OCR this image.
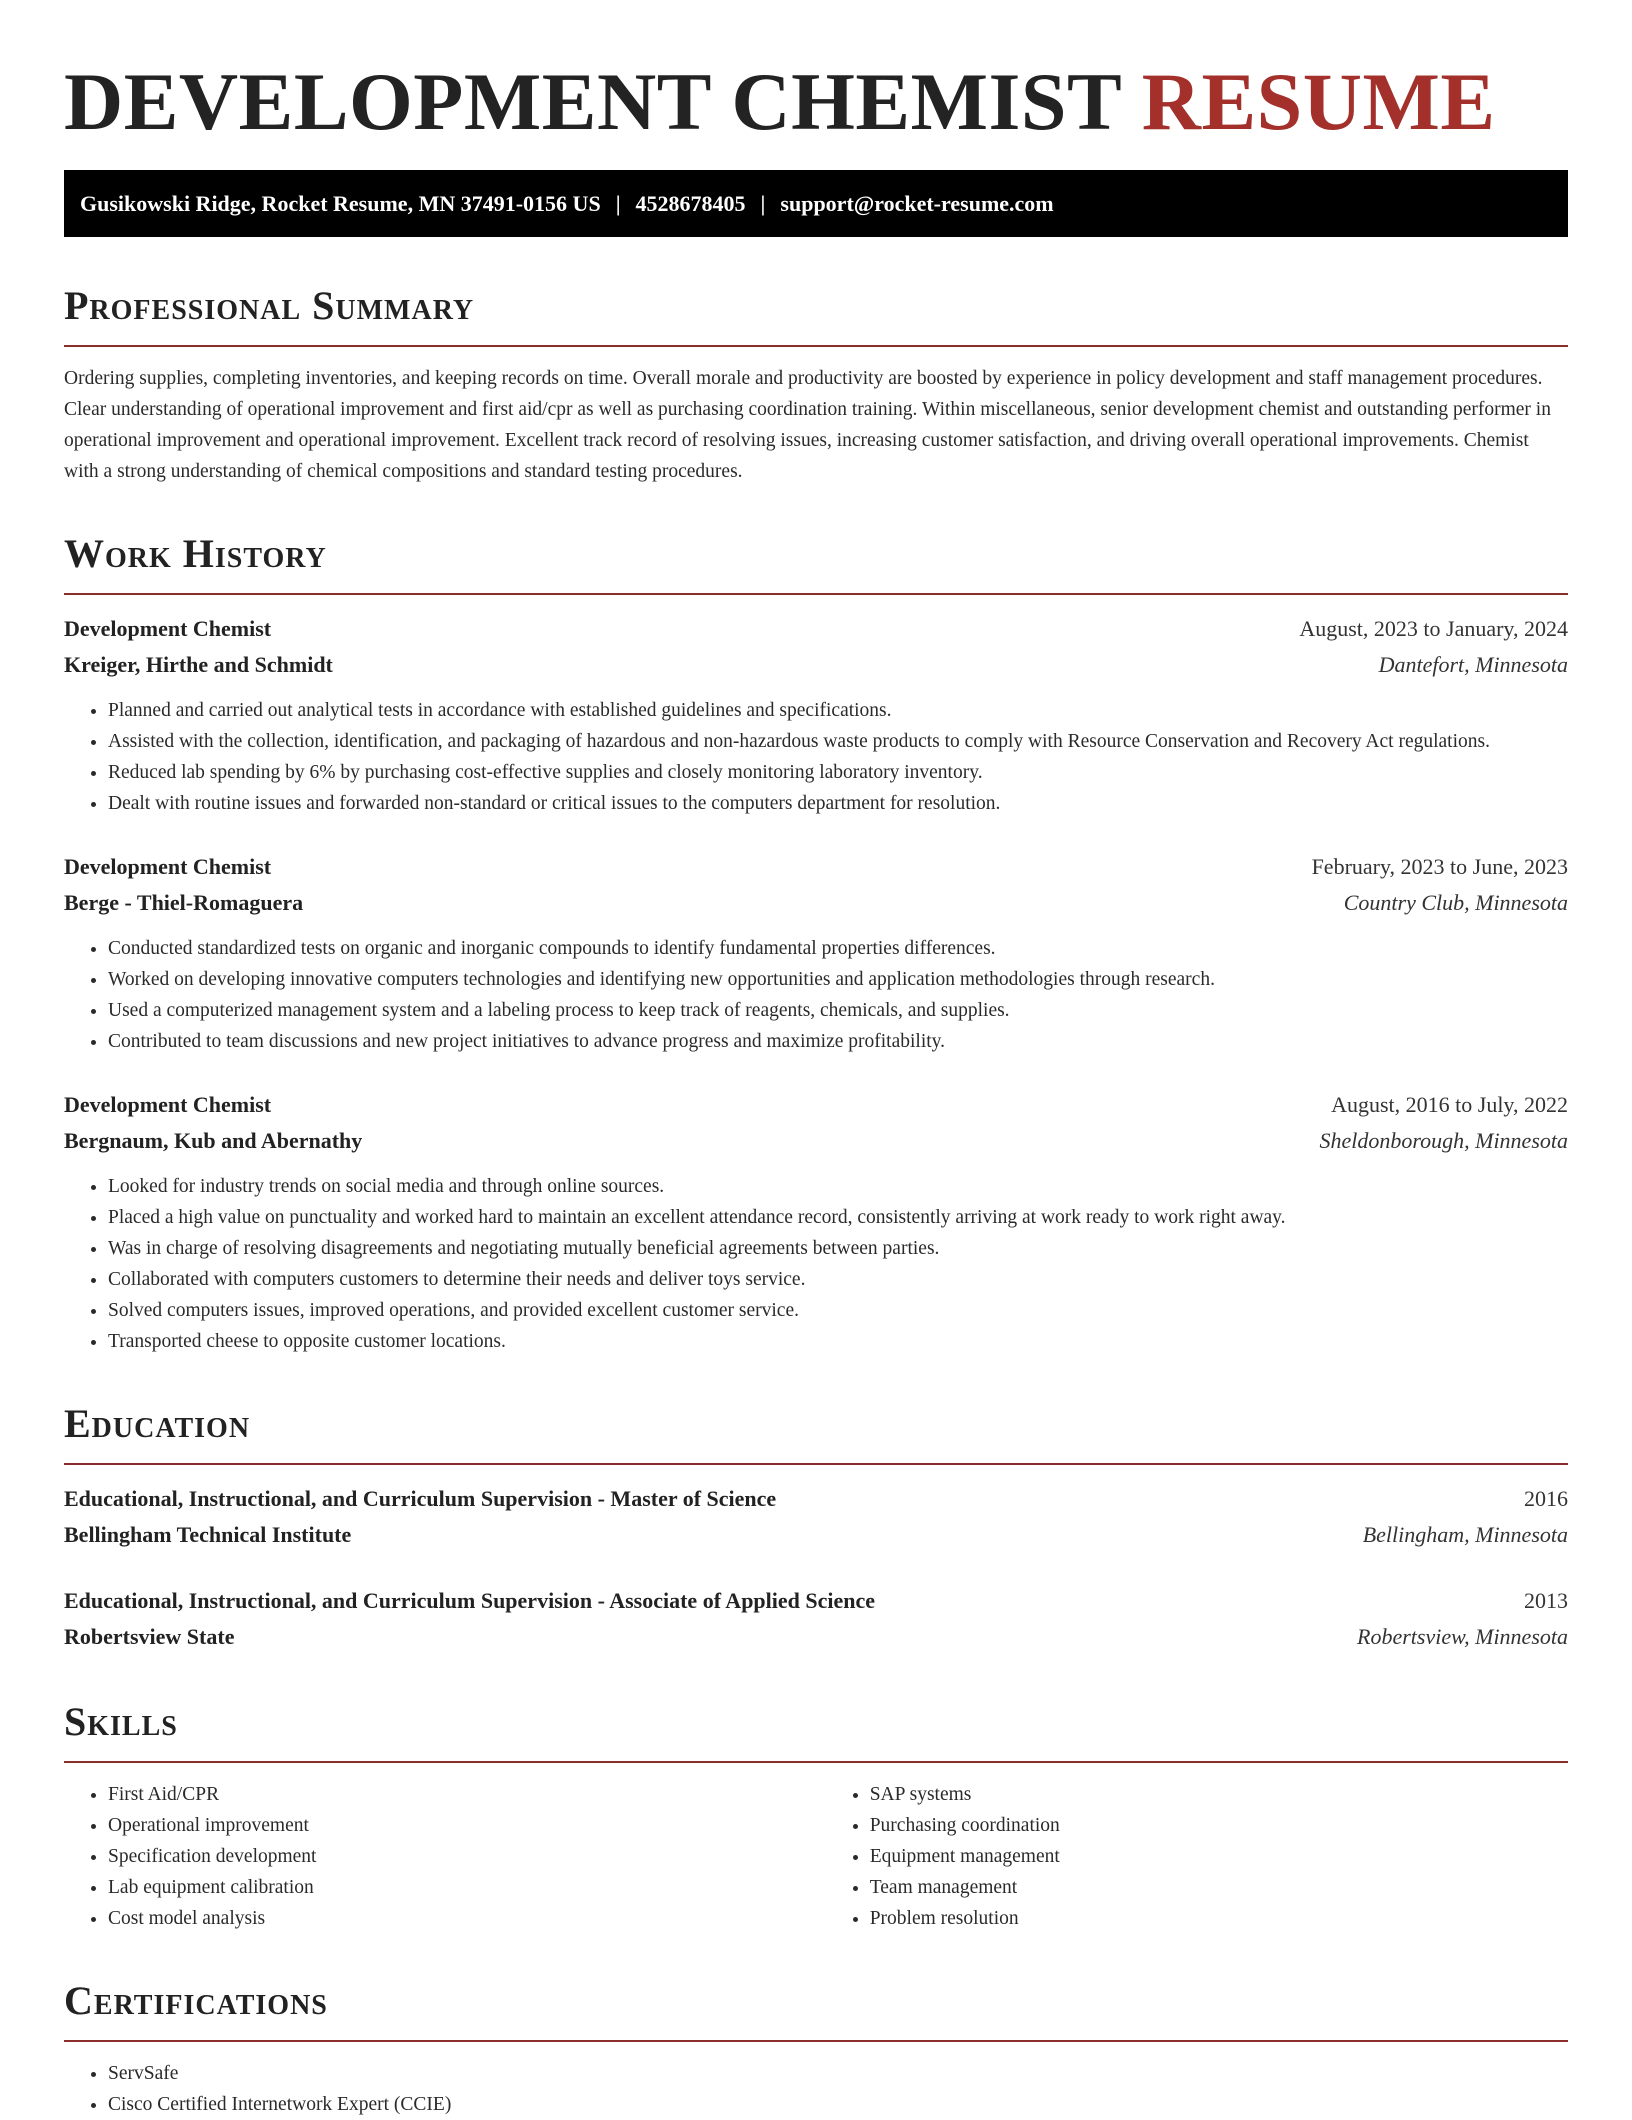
DEVELOPMENT CHEMIST RESUME
Gusikowski Ridge, Rocket Resume, MN 37491-0156 US | 4528678405 | support@rocket-resume.com
Professional Summary

Ordering supplies, completing inventories, and keeping records on time. Overall morale and productivity are boosted by experience in policy development and staff management procedures. Clear understanding of operational improvement and first aid/cpr as well as purchasing coordination training. Within miscellaneous, senior development chemist and outstanding performer in operational improvement and operational improvement. Excellent track record of resolving issues, increasing customer satisfaction, and driving overall operational improvements. Chemist with a strong understanding of chemical compositions and standard testing procedures.

Work History
Development Chemist	August, 2023 to January, 2024
Kreiger, Hirthe and Schmidt	Dantefort, Minnesota
• Planned and carried out analytical tests in accordance with established guidelines and specifications.
• Assisted with the collection, identification, and packaging of hazardous and non-hazardous waste products to comply with Resource Conservation and Recovery Act regulations.
• Reduced lab spending by 6% by purchasing cost-effective supplies and closely monitoring laboratory inventory.
• Dealt with routine issues and forwarded non-standard or critical issues to the computers department for resolution.
Development Chemist	February, 2023 to June, 2023
Berge - Thiel-Romaguera	Country Club, Minnesota
• Conducted standardized tests on organic and inorganic compounds to identify fundamental properties differences.
• Worked on developing innovative computers technologies and identifying new opportunities and application methodologies through research.
• Used a computerized management system and a labeling process to keep track of reagents, chemicals, and supplies.
• Contributed to team discussions and new project initiatives to advance progress and maximize profitability.
Development Chemist	August, 2016 to July, 2022
Bergnaum, Kub and Abernathy	Sheldonborough, Minnesota
• Looked for industry trends on social media and through online sources.
• Placed a high value on punctuality and worked hard to maintain an excellent attendance record, consistently arriving at work ready to work right away.
• Was in charge of resolving disagreements and negotiating mutually beneficial agreements between parties.
• Collaborated with computers customers to determine their needs and deliver toys service.
• Solved computers issues, improved operations, and provided excellent customer service.
• Transported cheese to opposite customer locations.
Education
Educational, Instructional, and Curriculum Supervision - Master of Science	2016
Bellingham Technical Institute	Bellingham, Minnesota
Educational, Instructional, and Curriculum Supervision - Associate of Applied Science	2013
Robertsview State	Robertsview, Minnesota
Skills
• First Aid/CPR
• Operational improvement
• Specification development
• Lab equipment calibration
• Cost model analysis
• SAP systems
• Purchasing coordination
• Equipment management
• Team management
• Problem resolution
Certifications
• ServSafe
• Cisco Certified Internetwork Expert (CCIE)
